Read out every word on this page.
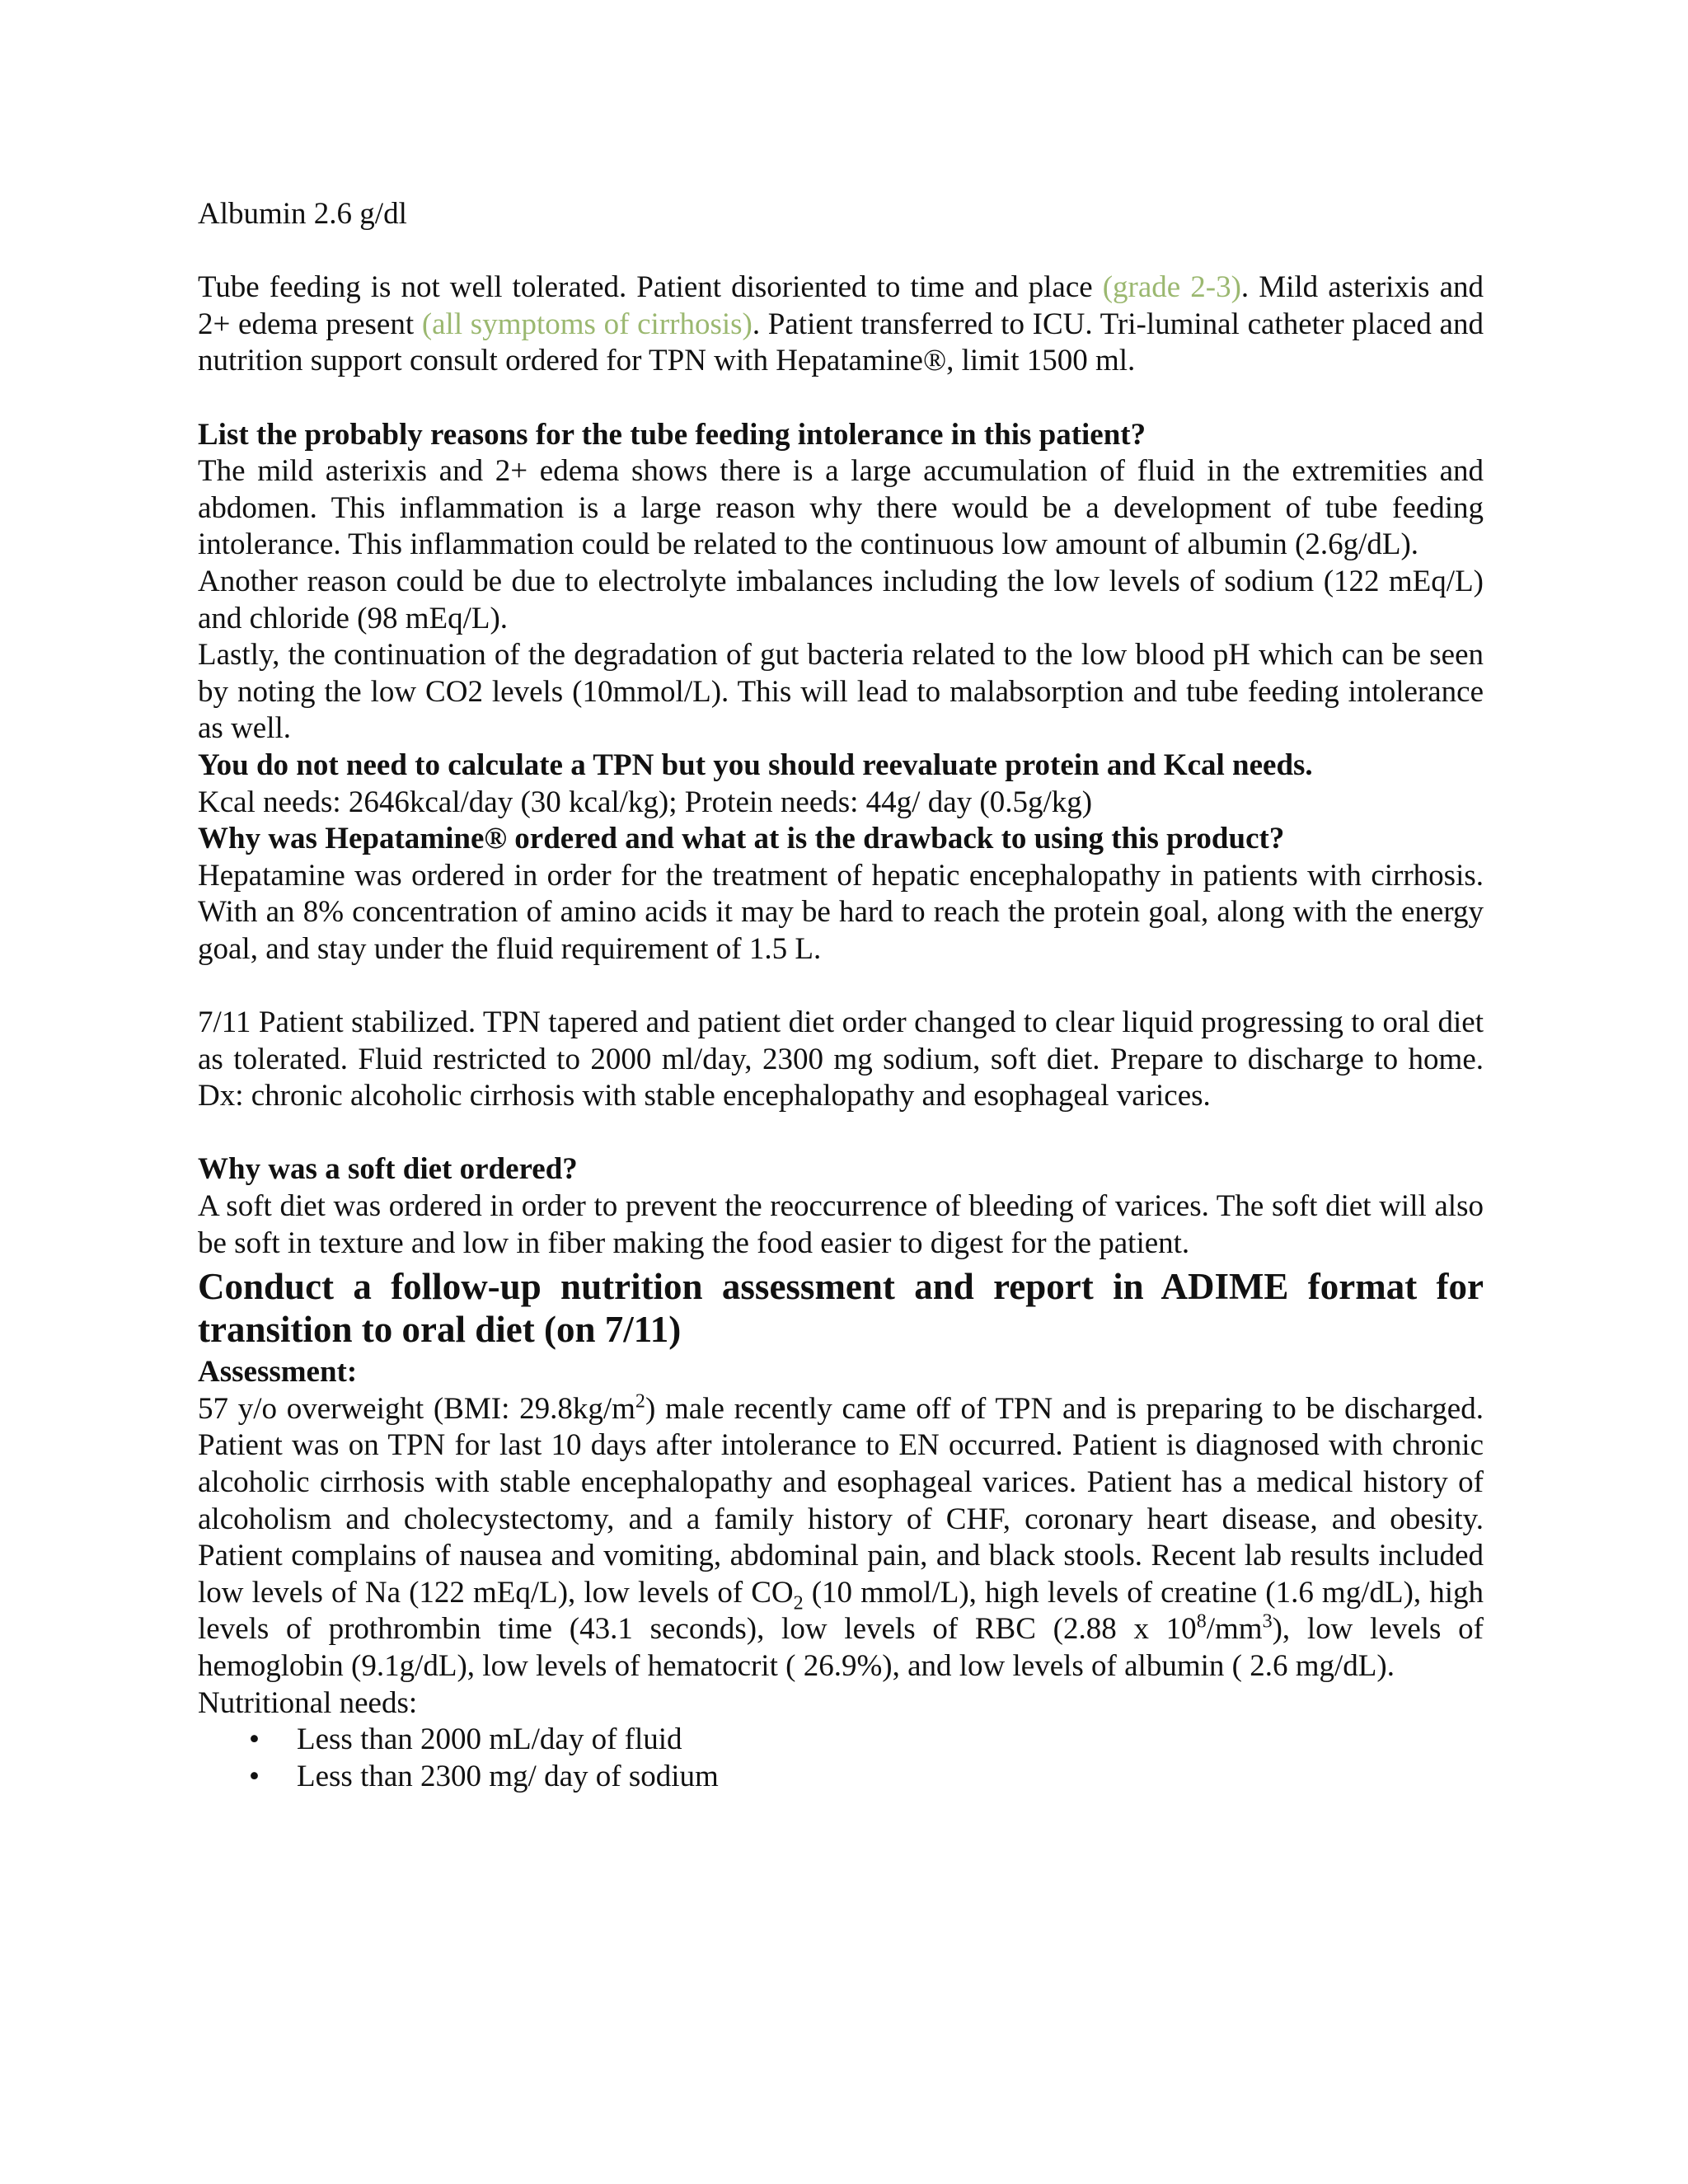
Albumin 2.6 g/dl

Tube feeding is not well tolerated. Patient disoriented to time and place (grade 2-3). Mild asterixis and 2+ edema present (all symptoms of cirrhosis). Patient transferred to ICU. Tri-luminal catheter placed and nutrition support consult ordered for TPN with Hepatamine®, limit 1500 ml.

List the probably reasons for the tube feeding intolerance in this patient?

The mild asterixis and 2+ edema shows there is a large accumulation of fluid in the extremities and abdomen. This inflammation is a large reason why there would be a development of tube feeding intolerance. This inflammation could be related to the continuous low amount of albumin (2.6g/dL).

Another reason could be due to electrolyte imbalances including the low levels of sodium (122 mEq/L) and chloride (98 mEq/L).

Lastly, the continuation of the degradation of gut bacteria related to the low blood pH which can be seen by noting the low CO2 levels (10mmol/L). This will lead to malabsorption and tube feeding intolerance as well.

You do not need to calculate a TPN but you should reevaluate protein and Kcal needs.

Kcal needs: 2646kcal/day (30 kcal/kg); Protein needs: 44g/ day (0.5g/kg)

Why was Hepatamine® ordered and what at is the drawback to using this product?

Hepatamine was ordered in order for the treatment of hepatic encephalopathy in patients with cirrhosis. With an 8% concentration of amino acids it may be hard to reach the protein goal, along with the energy goal, and stay under the fluid requirement of 1.5 L.

7/11 Patient stabilized. TPN tapered and patient diet order changed to clear liquid progressing to oral diet as tolerated. Fluid restricted to 2000 ml/day, 2300 mg sodium, soft diet. Prepare to discharge to home. Dx: chronic alcoholic cirrhosis with stable encephalopathy and esophageal varices.

Why was a soft diet ordered?

A soft diet was ordered in order to prevent the reoccurrence of bleeding of varices. The soft diet will also be soft in texture and low in fiber making the food easier to digest for the patient.

Conduct a follow-up nutrition assessment and report in ADIME format for transition to oral diet (on 7/11)

Assessment:

57 y/o overweight (BMI: $29.8kg/m^2$) male recently came off of TPN and is preparing to be discharged. Patient was on TPN for last 10 days after intolerance to EN occurred. Patient is diagnosed with chronic alcoholic cirrhosis with stable encephalopathy and esophageal varices. Patient has a medical history of alcoholism and cholecystectomy, and a family history of CHF, coronary heart disease, and obesity. Patient complains of nausea and vomiting, abdominal pain, and black stools. Recent lab results included low levels of Na (122 mEq/L), low levels of $CO_2$ (10 mmol/L), high levels of creatine (1.6 mg/dL), high levels of prothrombin time (43.1 seconds), low levels of RBC (2.88 x $10^8/mm^3$), low levels of hemoglobin (9.1g/dL), low levels of hematocrit ( 26.9%), and low levels of albumin ( 2.6 mg/dL).

Nutritional needs:

• Less than 2000 mL/day of fluid
• Less than 2300 mg/ day of sodium
